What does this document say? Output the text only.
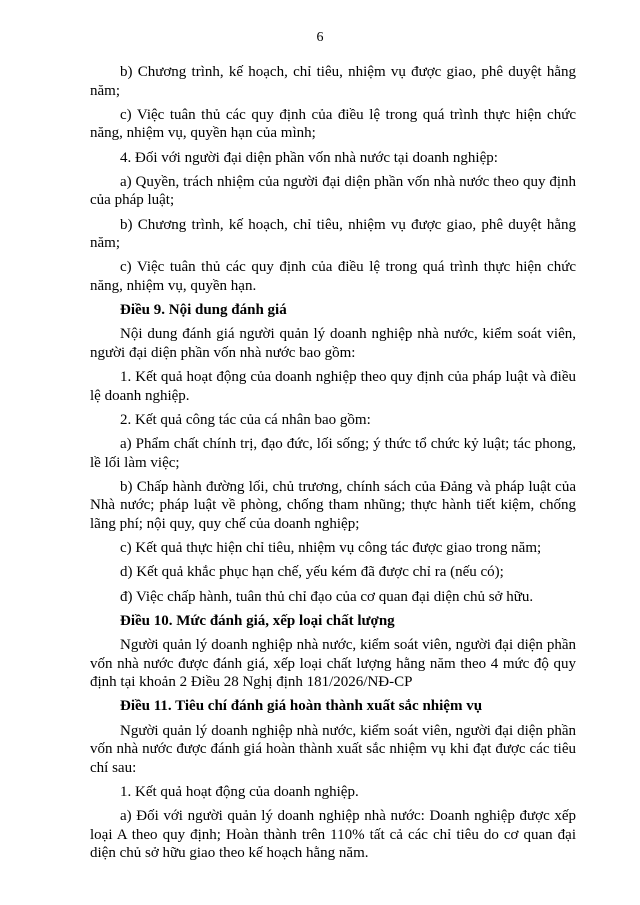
6

b) Chương trình, kế hoạch, chỉ tiêu, nhiệm vụ được giao, phê duyệt hằng năm;

c) Việc tuân thủ các quy định của điều lệ trong quá trình thực hiện chức năng, nhiệm vụ, quyền hạn của mình;

4. Đối với người đại diện phần vốn nhà nước tại doanh nghiệp:

a) Quyền, trách nhiệm của người đại diện phần vốn nhà nước theo quy định của pháp luật;

b) Chương trình, kế hoạch, chỉ tiêu, nhiệm vụ được giao, phê duyệt hằng năm;

c) Việc tuân thủ các quy định của điều lệ trong quá trình thực hiện chức năng, nhiệm vụ, quyền hạn.

Điều 9. Nội dung đánh giá

Nội dung đánh giá người quản lý doanh nghiệp nhà nước, kiểm soát viên, người đại diện phần vốn nhà nước bao gồm:

1. Kết quả hoạt động của doanh nghiệp theo quy định của pháp luật và điều lệ doanh nghiệp.

2. Kết quả công tác của cá nhân bao gồm:

a) Phẩm chất chính trị, đạo đức, lối sống; ý thức tổ chức kỷ luật; tác phong, lề lối làm việc;

b) Chấp hành đường lối, chủ trương, chính sách của Đảng và pháp luật của Nhà nước; pháp luật về phòng, chống tham nhũng; thực hành tiết kiệm, chống lãng phí; nội quy, quy chế của doanh nghiệp;

c) Kết quả thực hiện chỉ tiêu, nhiệm vụ công tác được giao trong năm;

d) Kết quả khắc phục hạn chế, yếu kém đã được chỉ ra (nếu có);

đ) Việc chấp hành, tuân thủ chỉ đạo của cơ quan đại diện chủ sở hữu.

Điều 10. Mức đánh giá, xếp loại chất lượng

Người quản lý doanh nghiệp nhà nước, kiểm soát viên, người đại diện phần vốn nhà nước được đánh giá, xếp loại chất lượng hằng năm theo 4 mức độ quy định tại khoản 2 Điều 28 Nghị định 181/2026/NĐ-CP

Điều 11. Tiêu chí đánh giá hoàn thành xuất sắc nhiệm vụ

Người quản lý doanh nghiệp nhà nước, kiểm soát viên, người đại diện phần vốn nhà nước được đánh giá hoàn thành xuất sắc nhiệm vụ khi đạt được các tiêu chí sau:

1. Kết quả hoạt động của doanh nghiệp.

a) Đối với người quản lý doanh nghiệp nhà nước: Doanh nghiệp được xếp loại A theo quy định; Hoàn thành trên 110% tất cả các chỉ tiêu do cơ quan đại diện chủ sở hữu giao theo kế hoạch hằng năm.
